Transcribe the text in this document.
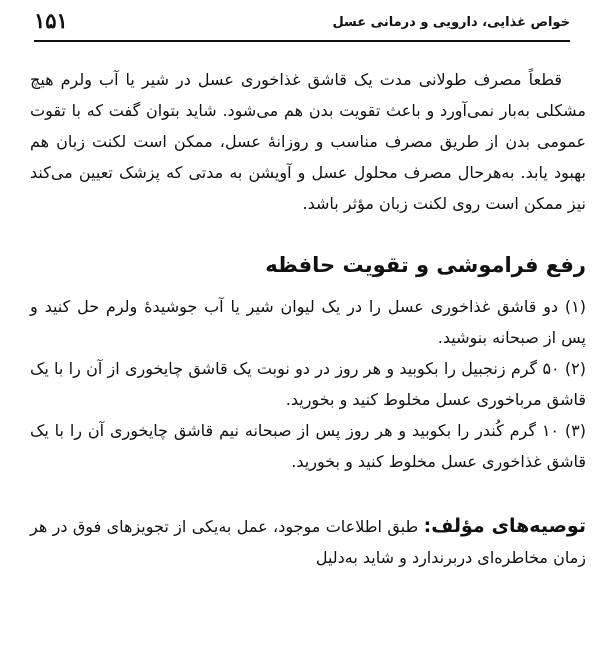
خواص غذایی، دارویی و درمانی عسل
۱۵۱

قطعاً مصرف طولانی مدت یک قاشق غذاخوری عسل در شیر یا آب ولرم هیچ مشکلی به‌بار نمی‌آورد و باعث تقویت بدن هم می‌شود. شاید بتوان گفت که با تقوت عمومی بدن از طریق مصرف مناسب و روزانهٔ عسل، ممکن است لکنت زبان هم بهبود یابد. به‌هرحال مصرف محلول عسل و آویشن به مدتی که پزشک تعیین می‌کند نیز ممکن است روی لکنت زبان مؤثر باشد.

رفع فراموشی و تقویت حافظه

(۱) دو قاشق غذاخوری عسل را در یک لیوان شیر یا آب جوشیدهٔ ولرم حل کنید و پس از صبحانه بنوشید.

(۲) ۵۰ گرم زنجبیل را بکوبید و هر روز در دو نوبت یک قاشق چایخوری از آن را با یک قاشق مرباخوری عسل مخلوط کنید و بخورید.

(۳) ۱۰ گرم کُندر را بکوبید و هر روز پس از صبحانه نیم قاشق چایخوری آن را با یک قاشق غذاخوری عسل مخلوط کنید و بخورید.

توصیه‌های مؤلف: طبق اطلاعات موجود، عمل به‌یکی از تجویزهای فوق در هر زمان مخاطره‌ای دربرندارد و شاید به‌دلیل
